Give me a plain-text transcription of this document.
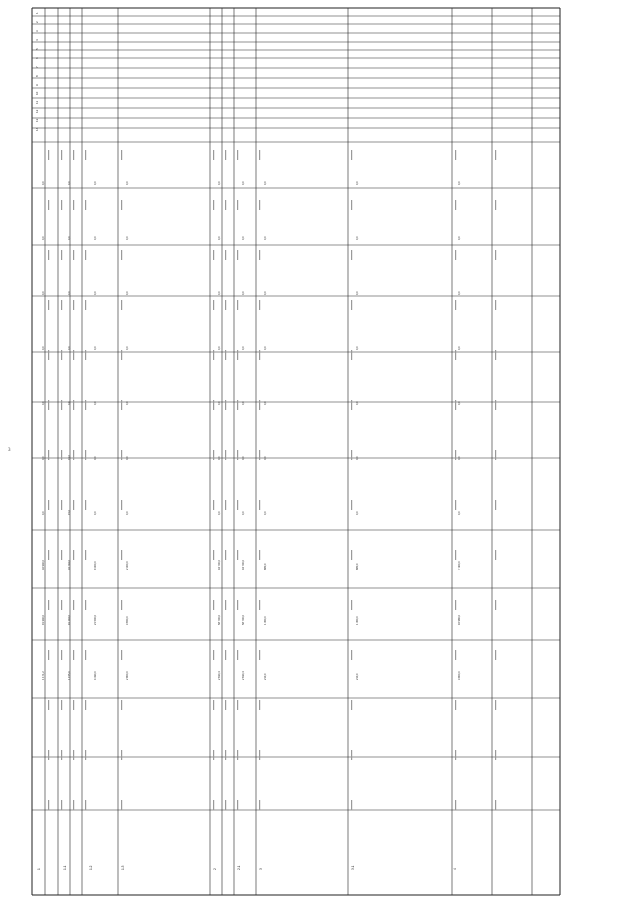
3
1
2
3
4
5
6
7
8
9
10
11
12
13
14
1
1 171,2
91 340,0
32 940,0
0,0
0,0
0,0
0,0
0,0
0,0
0,0
1.1
1 155,0
91 192,0
32 792,0
15,0
15,0
0,0
0,0
0,0
0,0
0,0
1.2
4 430,0
21 500,0
9 300,0
0,0
0,0
0,0
0,0
0,0
0,0
0,0
1.3
2 800,0
3 650,0
2 300,0
0,0
0,0
0,0
0,0
0,0
0,0
0,0
2
2 630,4
58 700,0
44 700,0
0,0
0,0
0,0
0,0
0,0
0,0
0,0
2.1
2 630,4
58 700,0
44 700,0
0,0
0,0
0,0
0,0
0,0
0,0
0,0
3
210,0
1 450,0
880,0
0,0
0,0
0,0
0,0
0,0
0,0
0,0
3.1
210,0
1 450,0
880,0
0,0
0,0
0,0
0,0
0,0
0,0
0,0
4
3 800,0
16 980,0
7 400,0
0,0
0,0
0,0
0,0
0,0
0,0
0,0
